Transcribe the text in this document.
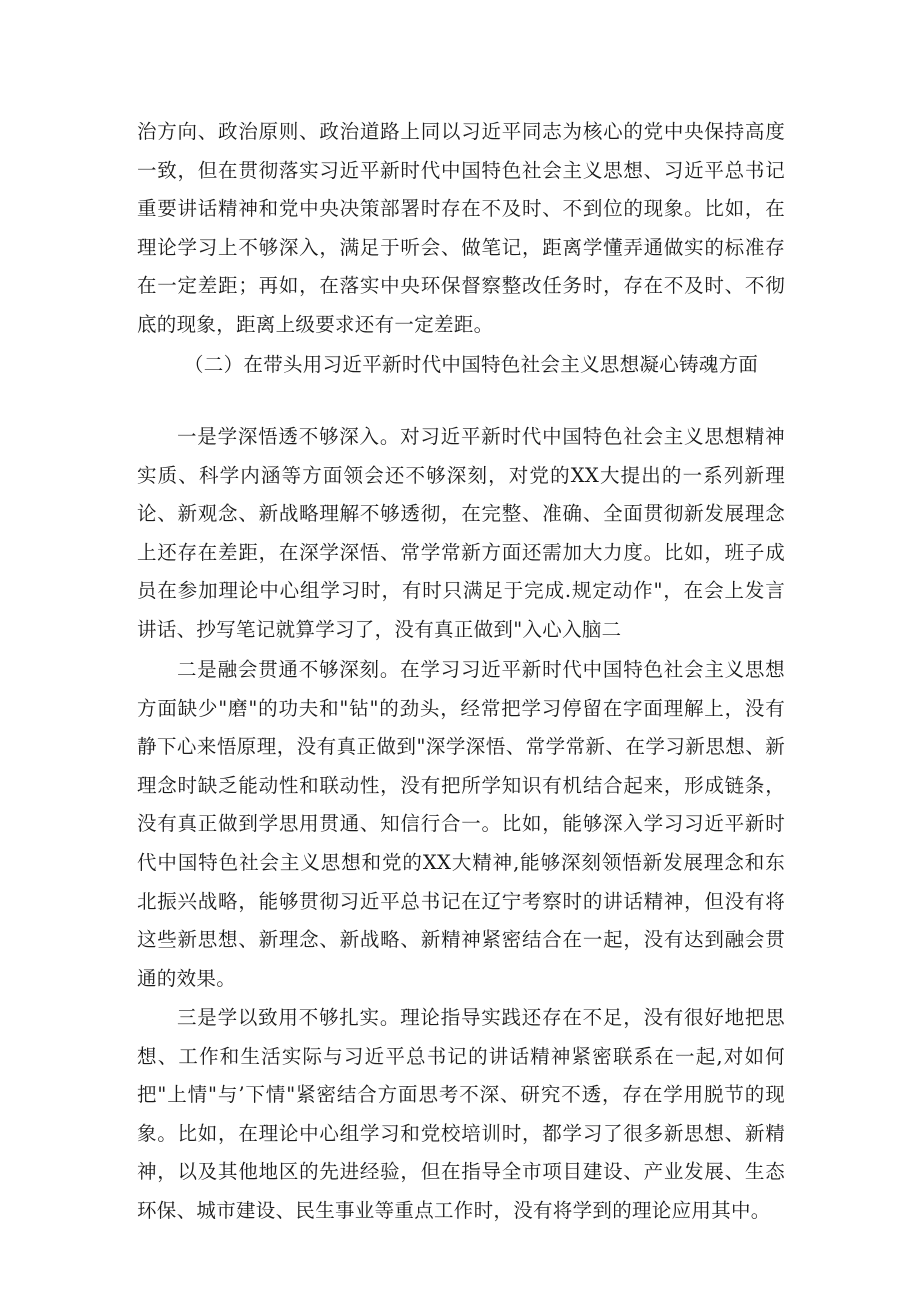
治方向、政治原则、政治道路上同以习近平同志为核心的党中央保持高度一致，但在贯彻落实习近平新时代中国特色社会主义思想、习近平总书记重要讲话精神和党中央决策部署时存在不及时、不到位的现象。比如，在理论学习上不够深入，满足于听会、做笔记，距离学懂弄通做实的标准存在一定差距；再如，在落实中央环保督察整改任务时，存在不及时、不彻底的现象，距离上级要求还有一定差距。

（二）在带头用习近平新时代中国特色社会主义思想凝心铸魂方面

一是学深悟透不够深入。对习近平新时代中国特色社会主义思想精神实质、科学内涵等方面领会还不够深刻，对党的XX大提出的一系列新理论、新观念、新战略理解不够透彻，在完整、准确、全面贯彻新发展理念上还存在差距，在深学深悟、常学常新方面还需加大力度。比如，班子成员在参加理论中心组学习时，有时只满足于完成.规定动作"，在会上发言讲话、抄写笔记就算学习了，没有真正做到"入心入脑二

二是融会贯通不够深刻。在学习习近平新时代中国特色社会主义思想方面缺少"磨"的功夫和"钻"的劲头，经常把学习停留在字面理解上，没有静下心来悟原理，没有真正做到"深学深悟、常学常新、在学习新思想、新理念时缺乏能动性和联动性，没有把所学知识有机结合起来，形成链条，没有真正做到学思用贯通、知信行合一。比如，能够深入学习习近平新时代中国特色社会主义思想和党的XX大精神,能够深刻领悟新发展理念和东北振兴战略，能够贯彻习近平总书记在辽宁考察时的讲话精神，但没有将这些新思想、新理念、新战略、新精神紧密结合在一起，没有达到融会贯通的效果。

三是学以致用不够扎实。理论指导实践还存在不足，没有很好地把思想、工作和生活实际与习近平总书记的讲话精神紧密联系在一起,对如何把"上情"与’下情"紧密结合方面思考不深、研究不透，存在学用脱节的现象。比如，在理论中心组学习和党校培训时，都学习了很多新思想、新精神，以及其他地区的先进经验，但在指导全市项目建设、产业发展、生态环保、城市建设、民生事业等重点工作时，没有将学到的理论应用其中。
